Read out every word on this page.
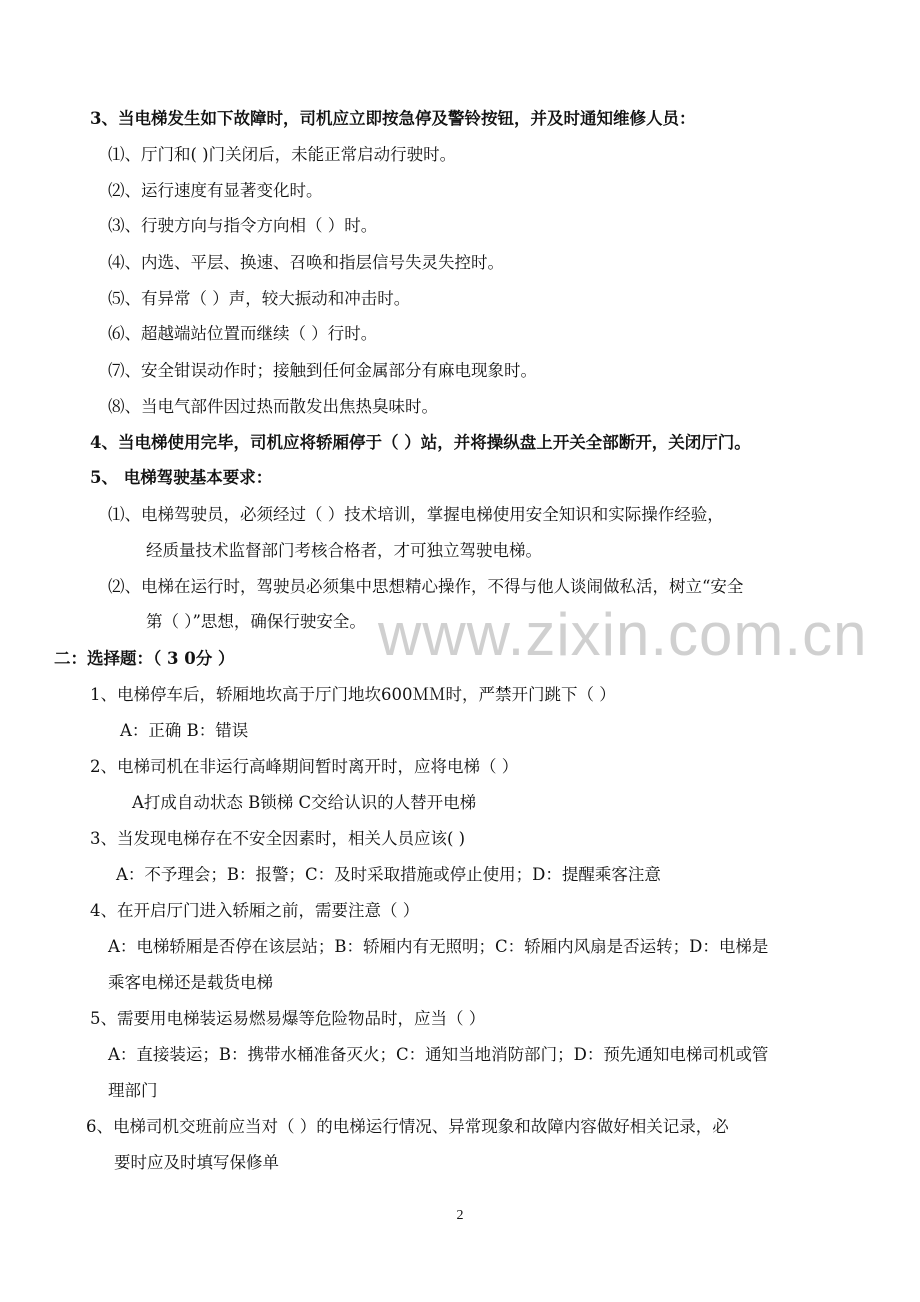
www.zixin.com.cn
3、当电梯发生如下故障时，司机应立即按急停及警铃按钮，并及时通知维修人员：
⑴、厅门和( )门关闭后，未能正常启动行驶时。
⑵、运行速度有显著变化时。
⑶、行驶方向与指令方向相（ ）时。
⑷、内选、平层、换速、召唤和指层信号失灵失控时。
⑸、有异常（ ）声，较大振动和冲击时。
⑹、超越端站位置而继续（ ）行时。
⑺、安全钳误动作时；接触到任何金属部分有麻电现象时。
⑻、当电气部件因过热而散发出焦热臭味时。
4、当电梯使用完毕，司机应将轿厢停于（ ）站，并将操纵盘上开关全部断开，关闭厅门。
5、 电梯驾驶基本要求：
⑴、电梯驾驶员，必须经过（ ）技术培训，掌握电梯使用安全知识和实际操作经验，
经质量技术监督部门考核合格者，才可独立驾驶电梯。
⑵、电梯在运行时，驾驶员必须集中思想精心操作，不得与他人谈闹做私活，树立“安全
第（ ）”思想，确保行驶安全。
二：选择题：（ 3 0分 ）
1、电梯停车后，轿厢地坎高于厅门地坎600ＭＭ时，严禁开门跳下（ ）
A：正确 B：错误
2、电梯司机在非运行高峰期间暂时离开时，应将电梯（ ）
A打成自动状态 B锁梯 C交给认识的人替开电梯
3、当发现电梯存在不安全因素时，相关人员应该( )
A：不予理会；B：报警；C：及时采取措施或停止使用；D：提醒乘客注意
4、在开启厅门进入轿厢之前，需要注意（ ）
A：电梯轿厢是否停在该层站；B：轿厢内有无照明；C：轿厢内风扇是否运转；D：电梯是
乘客电梯还是载货电梯
5、需要用电梯装运易燃易爆等危险物品时，应当（ ）
A：直接装运；B：携带水桶准备灭火；C：通知当地消防部门；D：预先通知电梯司机或管
理部门
6、电梯司机交班前应当对（ ）的电梯运行情况、异常现象和故障内容做好相关记录，必
要时应及时填写保修单
2
